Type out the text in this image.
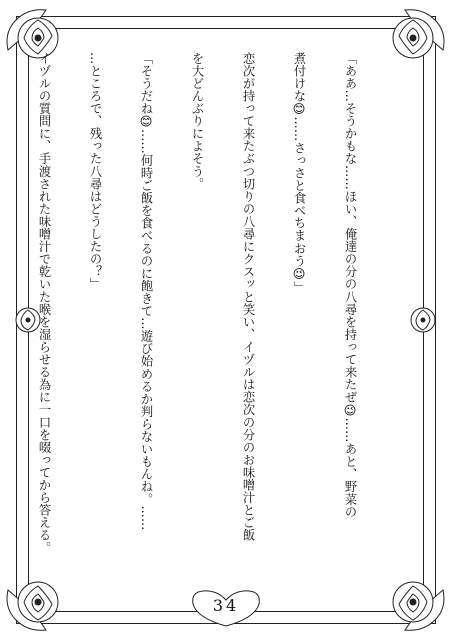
「ああ…そうかもな……ほい、俺達の分の八尋を持って来たぜ😉……あと、野菜の

煮付けな😊……さっさと食べちまおう😉」

恋次が持って来たぶつ切りの八尋にクスッと笑い、イヅルは恋次の分のお味噌汁とご飯

を大どんぶりによそう。

「そうだね😊……何時ご飯を食べるのに飽きて…遊び始めるか判らないもんね。……

…ところで、残った八尋はどうしたの？」

イヅルの質問に、手渡された味噌汁で乾いた喉を湿らせる為に一口を啜ってから答える。

34
